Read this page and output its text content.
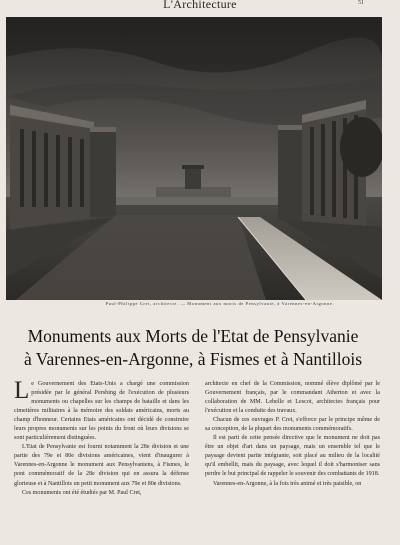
L'Architecture	51
Paul-Philippe Cret, architecte. — Monument aux morts de Pensylvanie, à Varennes-en-Argonne.
Monuments aux Morts de l'Etat de Pensylvanie
à Varennes-en-Argonne, à Fismes et à Nantillois

Le Gouvernement des Etats-Unis a chargé une commission présidée par le général Pershing de l'exécution de plusieurs monuments ou chapelles sur les champs de bataille et dans les cimetières militaires à la mémoire des soldats américains, morts au champ d'honneur. Certains Etats américains ont décidé de construire leurs propres monuments sur les points du front où leurs divisions se sont particulièrement distinguées.

L'Etat de Pensylvanie est fourni notamment la 28e division et une partie des 79e et 80e divisions américaines, vient d'inaugurer à Varennes-en-Argonne le monument aux Pensylvaniens, à Fismes, le pont commémoratif de la 28e division qui en assura la défense glorieuse et à Nantillois un petit monument aux 79e et 80e divisions.

Ces monuments ont été étudiés par M. Paul Cret,

architecte en chef de la Commission, nommé élève diplômé par le Gouvernement français, par le commandant Atherton et avec la collaboration de MM. Lebelle et Lescot, architectes français pour l'exécution et la conduite des travaux.

Chacun de ces ouvrages P. Cret, s'efforce par le principe même de sa conception, de la plupart des monuments commémoratifs.

Il est parti de cette pensée directive que le monument ne doit pas être un objet d'art dans un paysage, mais un ensemble tel que le paysage devient partie intégrante, soit placé au milieu de la localité qu'il embellit, mais du paysage, avec lequel il doit s'harmoniser sans perdre le but principal de rappeler le souvenir des combattants de 1918.

Varennes-en-Argonne, à la fois très animé et très paisible, on
